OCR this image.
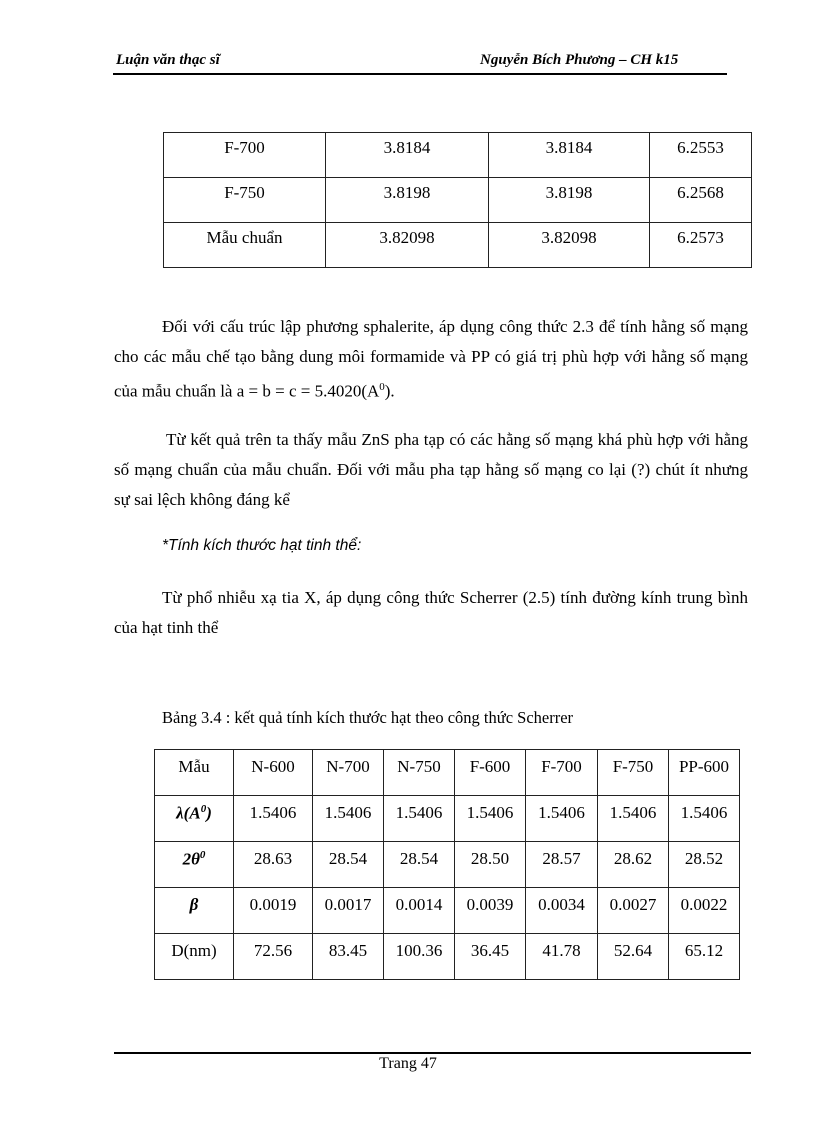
Luận văn thạc sĩ	Nguyễn Bích Phương – CH k15
F-700	3.8184	3.8184	6.2553
F-750	3.8198	3.8198	6.2568
Mẫu chuẩn	3.82098	3.82098	6.2573

Đối với cấu trúc lập phương sphalerite, áp dụng công thức 2.3 để tính hằng số mạng cho các mẫu chế tạo bằng dung môi formamide và PP có giá trị phù hợp với hằng số mạng của mẫu chuẩn là $a = b = c = 5.4020(A^0)$.

Từ kết quả trên ta thấy mẫu ZnS pha tạp có các hằng số mạng khá phù hợp với hằng số mạng chuẩn của mẫu chuẩn. Đối với mẫu pha tạp hằng số mạng co lại (?) chút ít nhưng sự sai lệch không đáng kể

*Tính kích thước hạt tinh thể:

Từ phổ nhiễu xạ tia X, áp dụng công thức Scherrer (2.5) tính đường kính trung bình của hạt tinh thể

Bảng 3.4 : kết quả tính kích thước hạt theo công thức Scherrer

Mẫu	N-600	N-700	N-750	F-600	F-700	F-750	PP-600
$\lambda(A^0)$	1.5406	1.5406	1.5406	1.5406	1.5406	1.5406	1.5406
$2\theta^0$	28.63	28.54	28.54	28.50	28.57	28.62	28.52
β	0.0019	0.0017	0.0014	0.0039	0.0034	0.0027	0.0022
D(nm)	72.56	83.45	100.36	36.45	41.78	52.64	65.12
Trang 47
